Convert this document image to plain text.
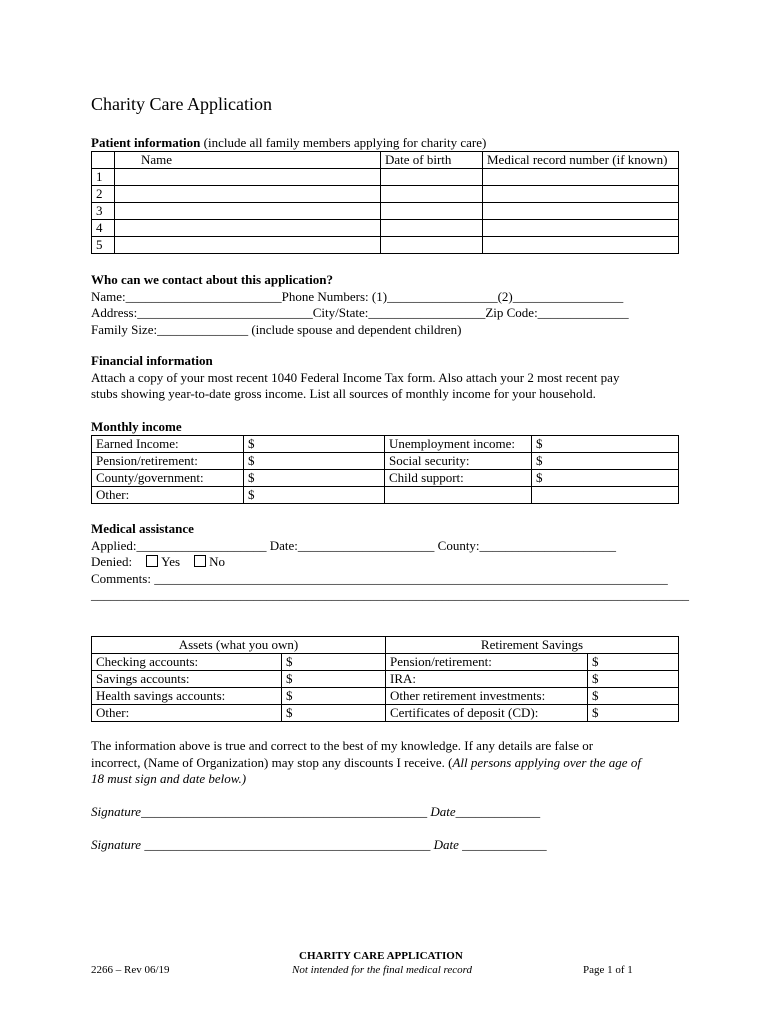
Charity Care Application
Patient information (include all family members applying for charity care)
	Name	Date of birth	Medical record number (if known)
1			
2			
3			
4			
5			
Who can we contact about this application?
Name:________________________Phone Numbers: (1)_________________(2)_________________
Address:___________________________City/State:__________________Zip Code:______________
Family Size:______________ (include spouse and dependent children)
Financial information
Attach a copy of your most recent 1040 Federal Income Tax form. Also attach your 2 most recent pay
stubs showing year-to-date gross income. List all sources of monthly income for your household.
Monthly income
Earned Income:	$	Unemployment income:	$
Pension/retirement:	$	Social security:	$
County/government:	$	Child support:	$
Other:	$		
Medical assistance
Applied:____________________ Date:_____________________ County:_____________________
Denied: Yes No
Comments: _______________________________________________________________________________
____________________________________________________________________________________________
Assets (what you own)		Retirement Savings	
Checking accounts:	$	Pension/retirement:	$
Savings accounts:	$	IRA:	$
Health savings accounts:	$	Other retirement investments:	$
Other:	$	Certificates of deposit (CD):	$
The information above is true and correct to the best of my knowledge. If any details are false or
incorrect, (Name of Organization) may stop any discounts I receive. (All persons applying over the age of
18 must sign and date below.)
Signature____________________________________________ Date_____________
Signature ____________________________________________ Date _____________
2266 – Rev 06/19
CHARITY CARE APPLICATION
Not intended for the final medical record	Page 1 of 1
